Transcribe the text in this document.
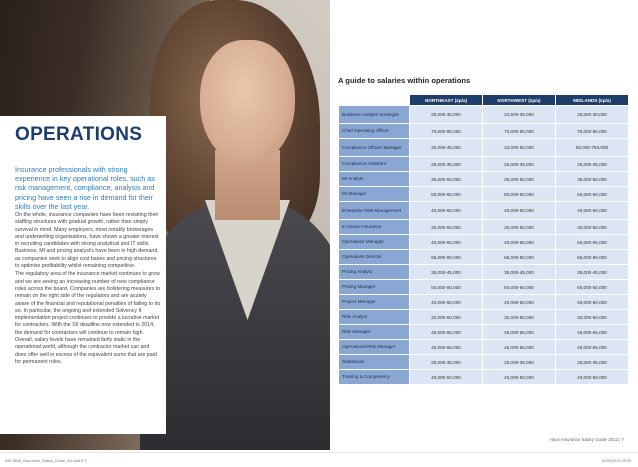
OPERATIONS

Insurance professionals with strong experience in key operational roles, such as risk management, compliance, analysis and pricing have seen a rise in demand for their skills over the last year.

On the whole, insurance companies have been revisiting their staffing structures with gradual growth, rather than simply survival in mind. Many employers, most notably brokerages and underwriting organisations, have shown a greater interest in recruiting candidates with strong analytical and IT skills. Business, MI and pricing analyst's have been in high demand, as companies seek to align cost bases and pricing structures to optimise profitability whilst remaining competitive.

The regulatory area of the insurance market continues to grow and we are seeing an increasing number of new compliance roles across the board. Companies are bolstering measures to remain on the right side of the regulators and are acutely aware of the financial and reputational penalties of failing to do so. In particular, the ongoing and extended Solvency II implementation project continues to provide a lucrative market for contractors. With the SII deadline now extended to 2014, the demand for contractors will continue to remain high. Overall, salary levels have remained fairly static in the operational world, although the contractor market can and does offer well in excess of the equivalent sums that are paid for permanent roles.

A guide to salaries within operations
	NORTHEAST (£p/a)	NORTHWEST (£p/a)	MIDLANDS (£p/a)
Business Analyst/ Strategist	25,000-30,000	22,500-30,000	25,000-30,000
Chief Operating Officer	70,000-90,000	70,000-90,000	70,000-90,000
Compliance Officer/ Manager	30,000-45,000	33,000-50,000	50,000-750,000
Compliance Assistant	25,000-35,000	25,000-35,000	25,000-35,000
MI Analyst	35,000-50,000	35,000-50,000	35,000-50,000
MI Manager	50,000-60,000	50,000-60,000	50,000-60,000
Enterprise Risk Management	40,000-60,000	40,000-60,000	40,000-60,000
In-house Insurance	30,000-50,000	30,000-50,000	30,000-50,000
Operations Manager	40,000-65,000	40,000-65,000	50,000-65,000
Operations Director	65,000-90,000	65,000-90,000	65,000-90,000
Pricing Analyst	35,000-45,000	35,000-45,000	35,000-45,000
Pricing Manager	50,000-60,000	50,000-60,000	50,000-60,000
Project Manager	40,000-60,000	40,000-60,000	40,000-60,000
Risk Analyst	32,000-50,000	32,000-50,000	32,000-50,000
Risk Manager	45,000-65,000	45,000-65,000	45,000-65,000
Operational Risk Manager	45,000-65,000	45,000-65,000	45,000-65,000
Statistician	25,000-35,000	25,000-35,000	25,000-35,000
Training & Competency	40,000-50,000	40,000-50,000	40,000-50,000
Hays Insurance Salary Guide 2012 | 7
INS-5838_Insurance_Salary_Guide_A6.indd 6-7	31/05/2012 09:25
